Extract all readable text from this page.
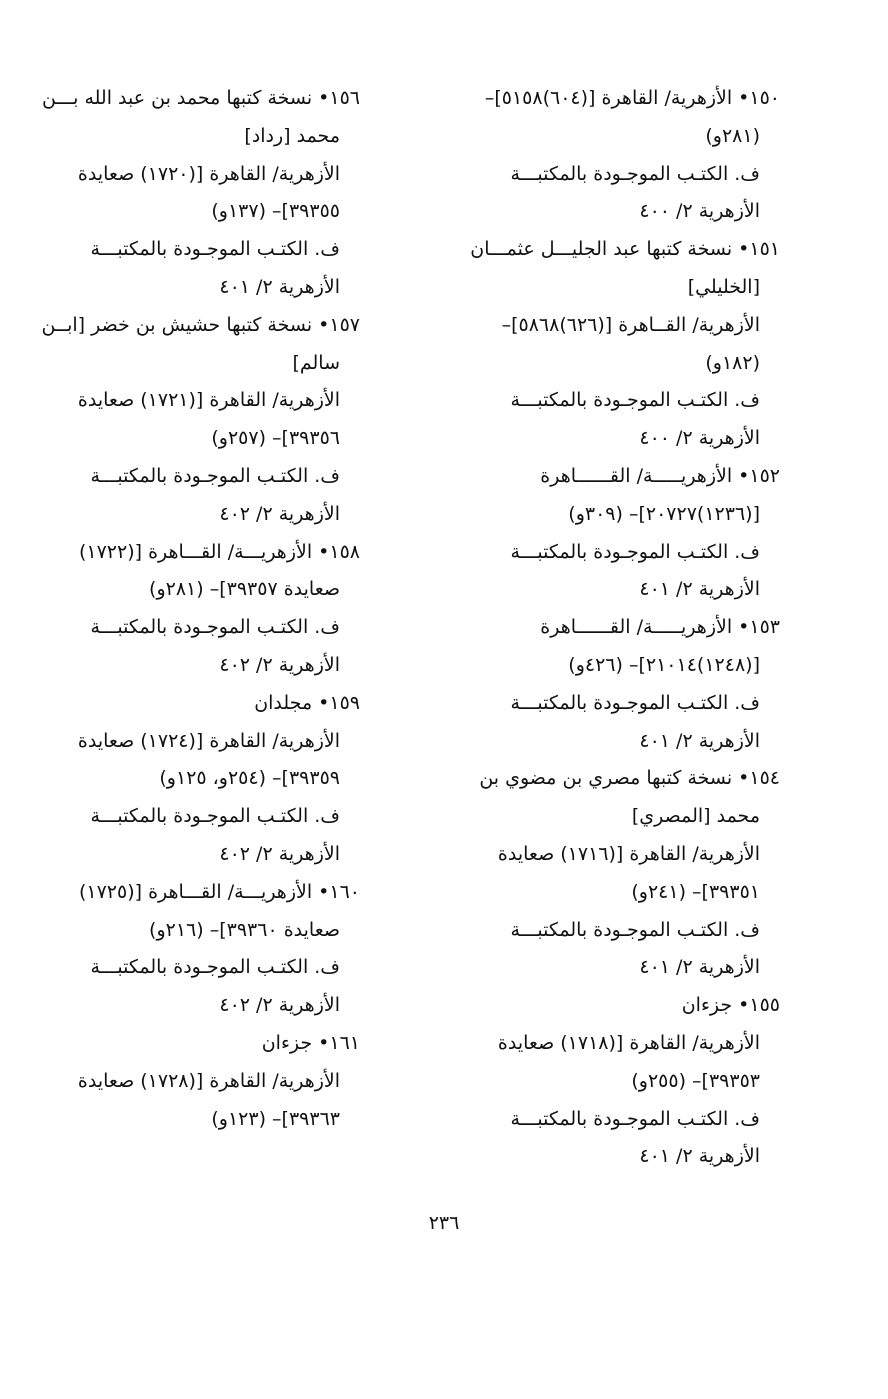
١٥٠• الأزهرية/ القاهرة [(٦٠٤)٥١٥٨]–
(٢٨١و)
ف. الكتـب الموجـودة بالمكتبـــة
الأزهرية ٢/ ٤٠٠
١٥١• نسخة كتبها عبد الجليـــل عثمـــان
[الخليلي]
الأزهرية/ القــاهرة [(٦٢٦)٥٨٦٨]–
(١٨٢و)
ف. الكتـب الموجـودة بالمكتبـــة
الأزهرية ٢/ ٤٠٠
١٥٢• الأزهريـــــة/ القــــــاهرة
[(١٢٣٦)٢٠٧٢٧]– (٣٠٩و)
ف. الكتـب الموجـودة بالمكتبـــة
الأزهرية ٢/ ٤٠١
١٥٣• الأزهريـــــة/ القــــــاهرة
[(١٢٤٨)٢١٠١٤]– (٤٢٦و)
ف. الكتـب الموجـودة بالمكتبـــة
الأزهرية ٢/ ٤٠١
١٥٤• نسخة كتبها مصري بن مضوي بن
محمد [المصري]
الأزهرية/ القاهرة [(١٧١٦) صعايدة
٣٩٣٥١]– (٢٤١و)
ف. الكتـب الموجـودة بالمكتبـــة
الأزهرية ٢/ ٤٠١
١٥٥• جزءان
الأزهرية/ القاهرة [(١٧١٨) صعايدة
٣٩٣٥٣]– (٢٥٥و)
ف. الكتـب الموجـودة بالمكتبـــة
الأزهرية ٢/ ٤٠١
١٥٦• نسخة كتبها محمد بن عبد الله بـــن
محمد [رداد]
الأزهرية/ القاهرة [(١٧٢٠) صعايدة
٣٩٣٥٥]– (١٣٧و)
ف. الكتـب الموجـودة بالمكتبـــة
الأزهرية ٢/ ٤٠١
١٥٧• نسخة كتبها حشيش بن خضر [ابــن
سالم]
الأزهرية/ القاهرة [(١٧٢١) صعايدة
٣٩٣٥٦]– (٢٥٧و)
ف. الكتـب الموجـودة بالمكتبـــة
الأزهرية ٢/ ٤٠٢
١٥٨• الأزهريـــة/ القـــاهرة [(١٧٢٢)
صعايدة ٣٩٣٥٧]– (٢٨١و)
ف. الكتـب الموجـودة بالمكتبـــة
الأزهرية ٢/ ٤٠٢
١٥٩• مجلدان
الأزهرية/ القاهرة [(١٧٢٤) صعايدة
٣٩٣٥٩]– (٢٥٤و، ١٢٥و)
ف. الكتـب الموجـودة بالمكتبـــة
الأزهرية ٢/ ٤٠٢
١٦٠• الأزهريـــة/ القـــاهرة [(١٧٢٥)
صعايدة ٣٩٣٦٠]– (٢١٦و)
ف. الكتـب الموجـودة بالمكتبـــة
الأزهرية ٢/ ٤٠٢
١٦١• جزءان
الأزهرية/ القاهرة [(١٧٢٨) صعايدة
٣٩٣٦٣]– (١٢٣و)
٢٣٦
